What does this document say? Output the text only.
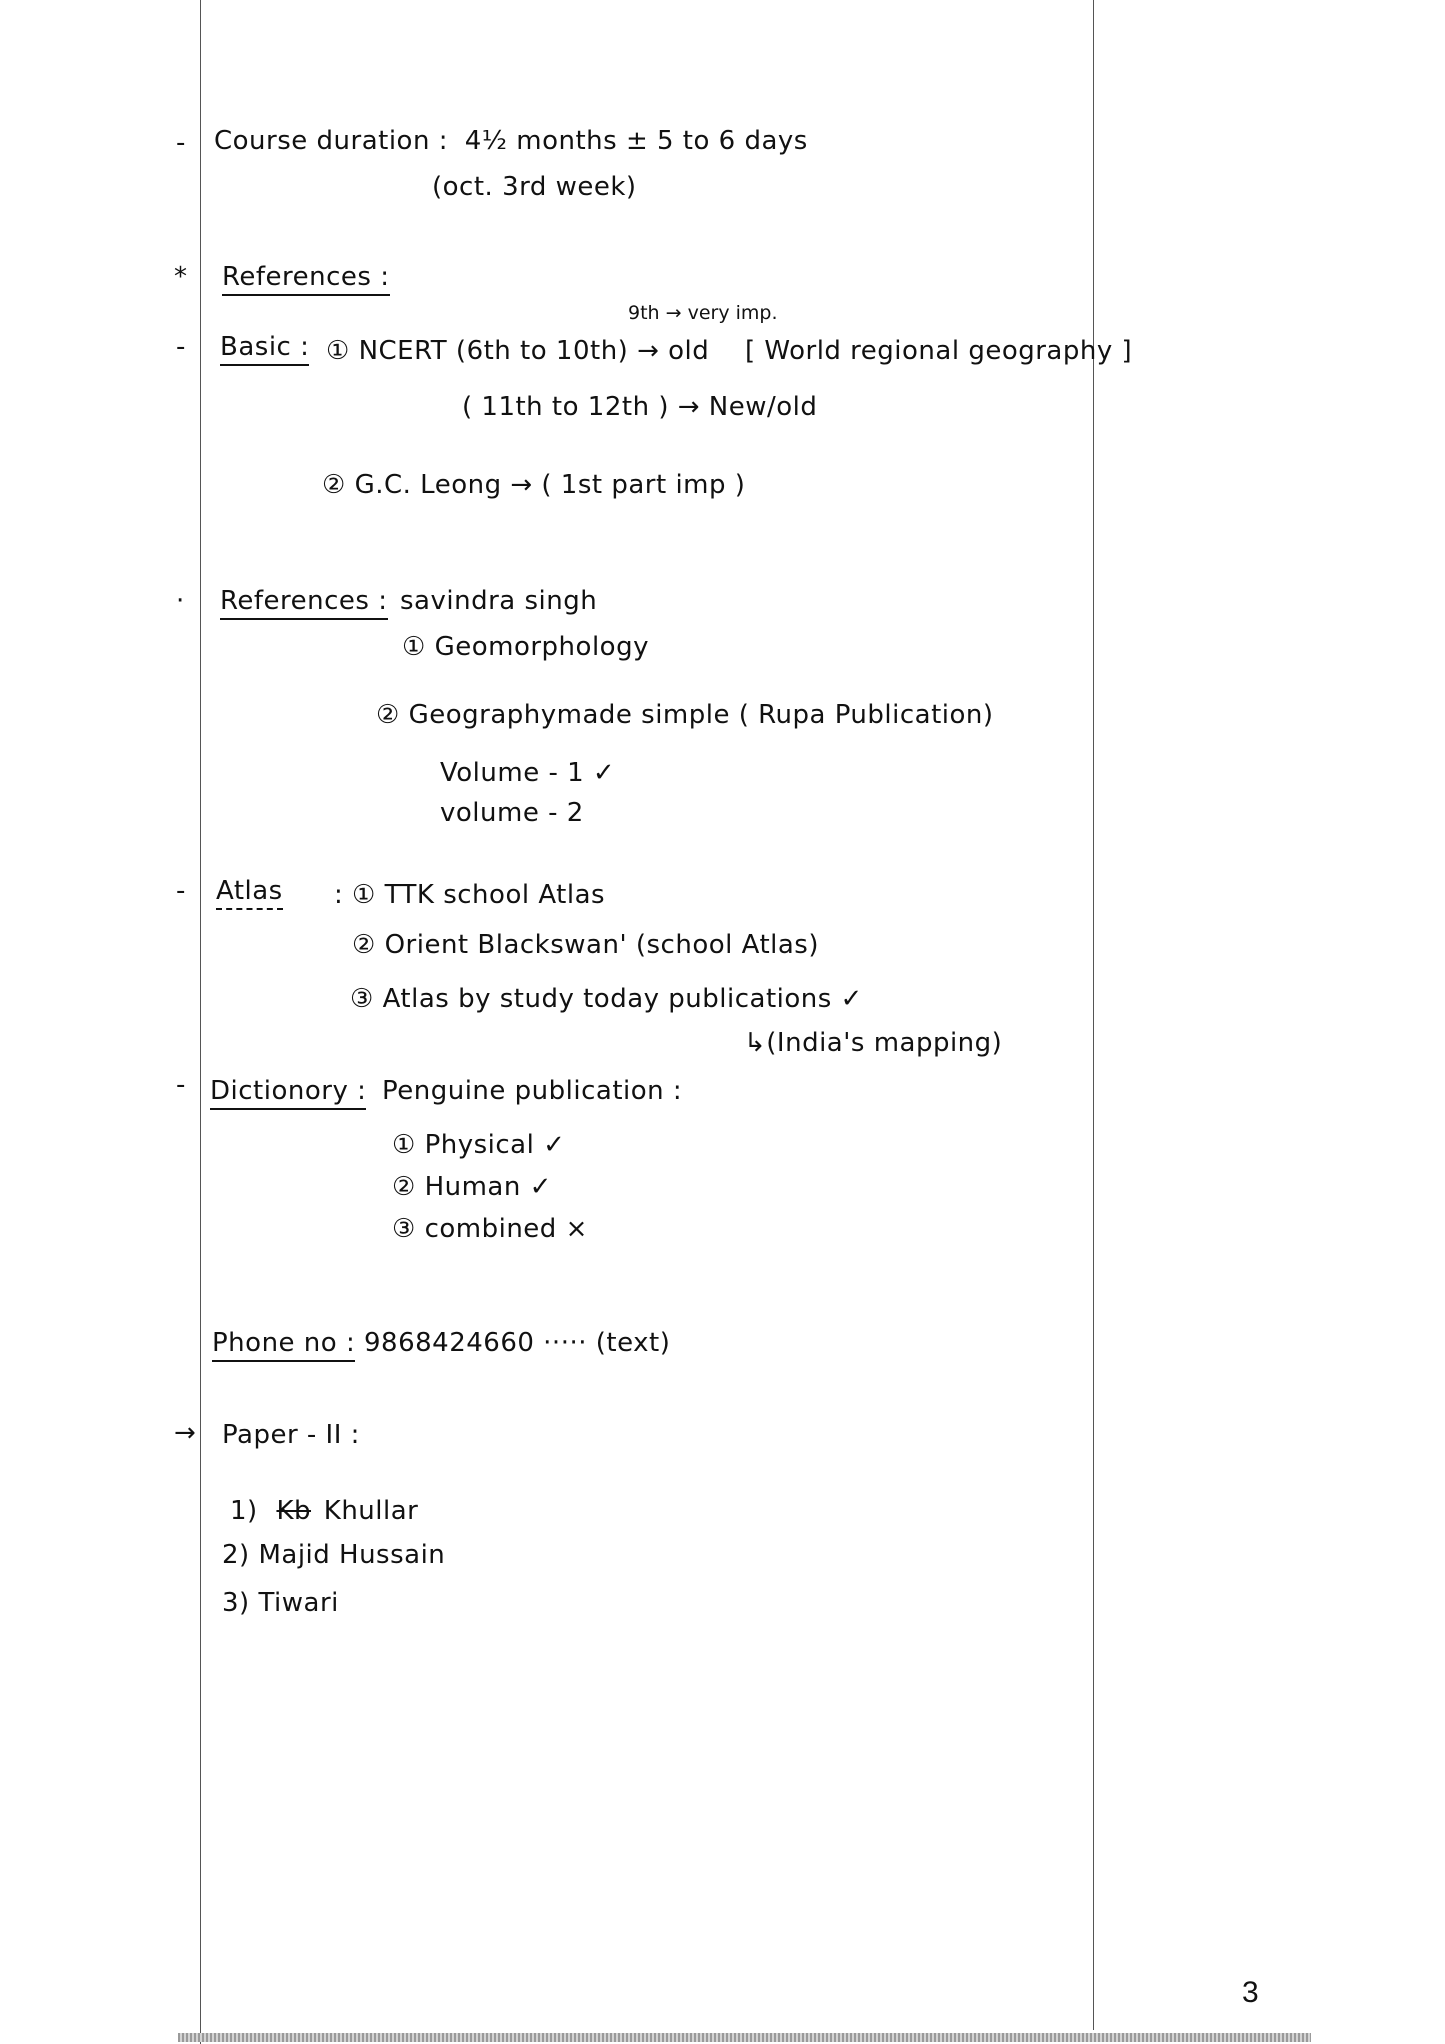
-
*
-
·
-
-
→
Course duration : 4½ months ± 5 to 6 days
(oct. 3rd week)
References :
9th → very imp.
Basic : ① NCERT (6th to 10th) → old [ World regional geography ]
( 11th to 12th ) → New/old
② G.C. Leong → ( 1st part imp )
References : savindra singh
① Geomorphology
② Geographymade simple ( Rupa Publication)
Volume - 1 ✓
volume - 2
Atlas : ① TTK school Atlas
② Orient Blackswan' (school Atlas)
③ Atlas by study today publications ✓
↳(India's mapping)
Dictionory : Penguine publication :
① Physical ✓
② Human ✓
③ combined ×
Phone no : 9868424660 ····· (text)
Paper - II :
1) Kb Khullar
2) Majid Hussain
3) Tiwari
3
